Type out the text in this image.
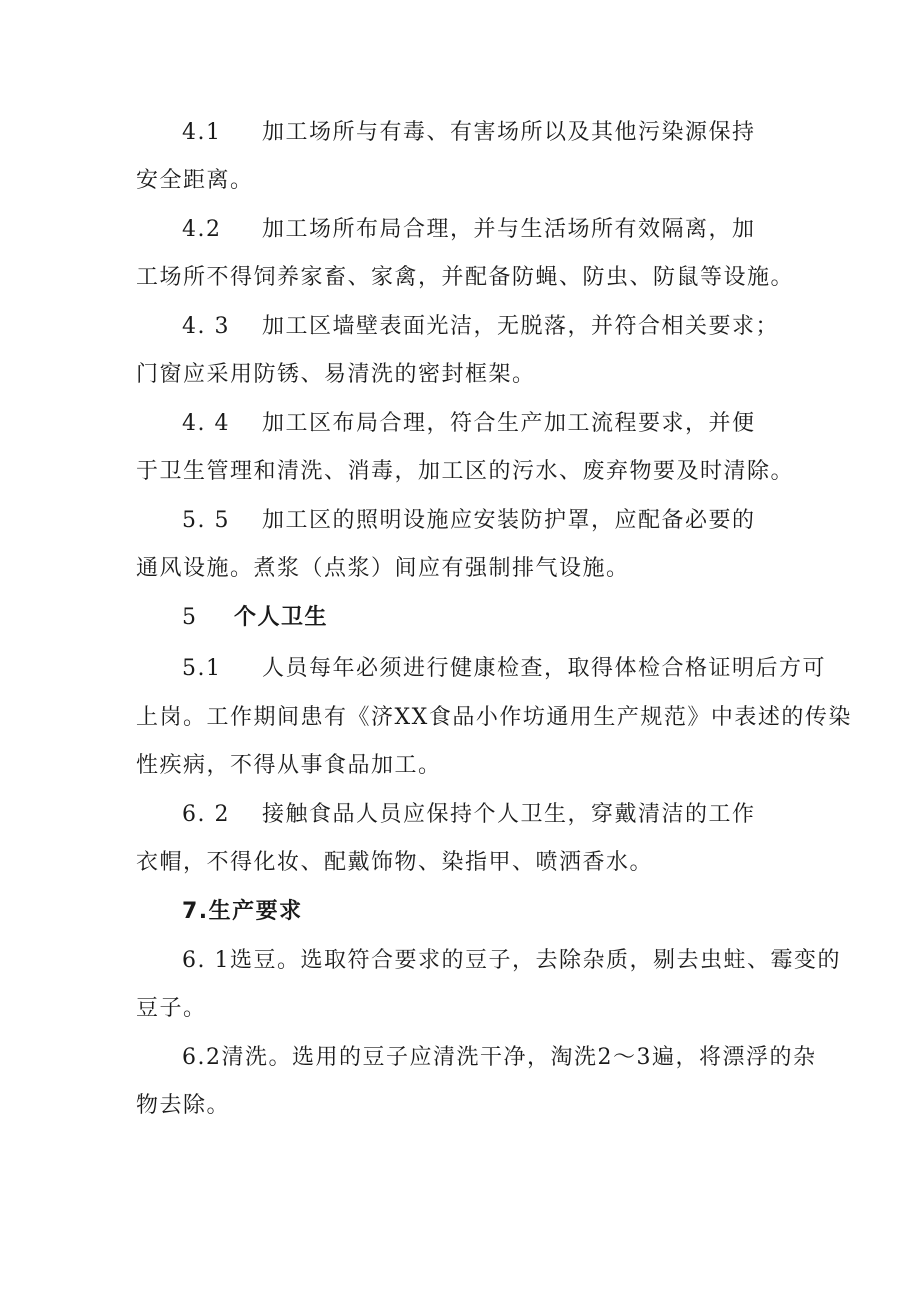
4.1 加工场所与有毒、有害场所以及其他污染源保持
安全距离。
4.2 加工场所布局合理，并与生活场所有效隔离，加
工场所不得饲养家畜、家禽，并配备防蝇、防虫、防鼠等设施。
4. 3 加工区墙壁表面光洁，无脱落，并符合相关要求；
门窗应采用防锈、易清洗的密封框架。
4. 4 加工区布局合理，符合生产加工流程要求，并便
于卫生管理和清洗、消毒，加工区的污水、废弃物要及时清除。
5. 5 加工区的照明设施应安装防护罩，应配备必要的
通风设施。煮浆（点浆）间应有强制排气设施。
5 个人卫生
5.1 人员每年必须进行健康检查，取得体检合格证明后方可
上岗。工作期间患有《济XX食品小作坊通用生产规范》中表述的传染
性疾病，不得从事食品加工。
6. 2 接触食品人员应保持个人卫生，穿戴清洁的工作
衣帽，不得化妆、配戴饰物、染指甲、喷洒香水。
7.生产要求
6. 1选豆。选取符合要求的豆子，去除杂质，剔去虫蛀、霉变的
豆子。
6.2清洗。选用的豆子应清洗干净，淘洗2～3遍，将漂浮的杂
物去除。
